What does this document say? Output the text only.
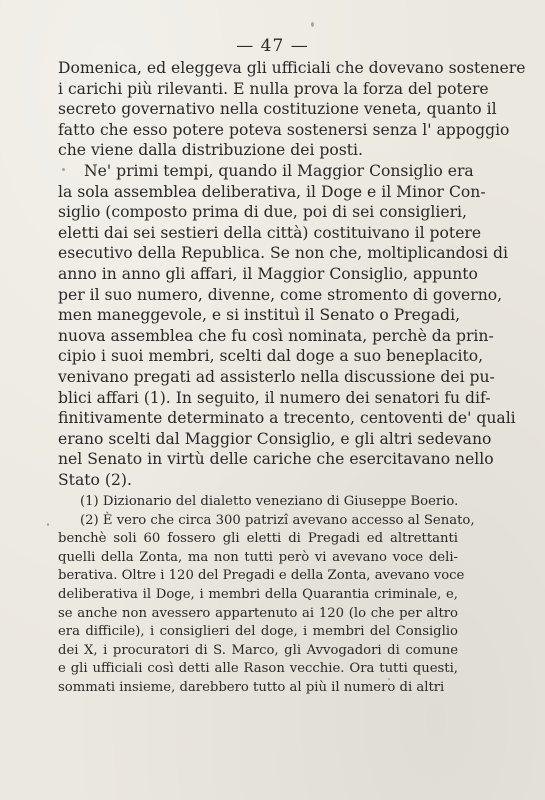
— 47 —
Domenica, ed eleggeva gli ufficiali che dovevano sostenere
i carichi più rilevanti. E nulla prova la forza del potere
secreto governativo nella costituzione veneta, quanto il
fatto che esso potere poteva sostenersi senza l' appoggio
che viene dalla distribuzione dei posti.
Ne' primi tempi, quando il Maggior Consiglio era
la sola assemblea deliberativa, il Doge e il Minor Con-
siglio (composto prima di due, poi di sei consiglieri,
eletti dai sei sestieri della città) costituivano il potere
esecutivo della Republica. Se non che, moltiplicandosi di
anno in anno gli affari, il Maggior Consiglio, appunto
per il suo numero, divenne, come stromento di governo,
men maneggevole, e si instituì il Senato o Pregadi,
nuova assemblea che fu così nominata, perchè da prin-
cipio i suoi membri, scelti dal doge a suo beneplacito,
venivano pregati ad assisterlo nella discussione dei pu-
blici affari (1). In seguito, il numero dei senatori fu dif-
finitivamente determinato a trecento, centoventi de' quali
erano scelti dal Maggior Consiglio, e gli altri sedevano
nel Senato in virtù delle cariche che esercitavano nello
Stato (2).
(1) Dizionario del dialetto veneziano di Giuseppe Boerio.
(2) È vero che circa 300 patrizî avevano accesso al Senato,
benchè soli 60 fossero gli eletti di Pregadi ed altrettanti
quelli della Zonta, ma non tutti però vi avevano voce deli-
berativa. Oltre i 120 del Pregadi e della Zonta, avevano voce
deliberativa il Doge, i membri della Quarantia criminale, e,
se anche non avessero appartenuto ai 120 (lo che per altro
era difficile), i consiglieri del doge, i membri del Consiglio
dei X, i procuratori di S. Marco, gli Avvogadori di comune
e gli ufficiali così detti alle Rason vecchie. Ora tutti questi,
sommati insieme, darebbero tutto al più il numero di altri
